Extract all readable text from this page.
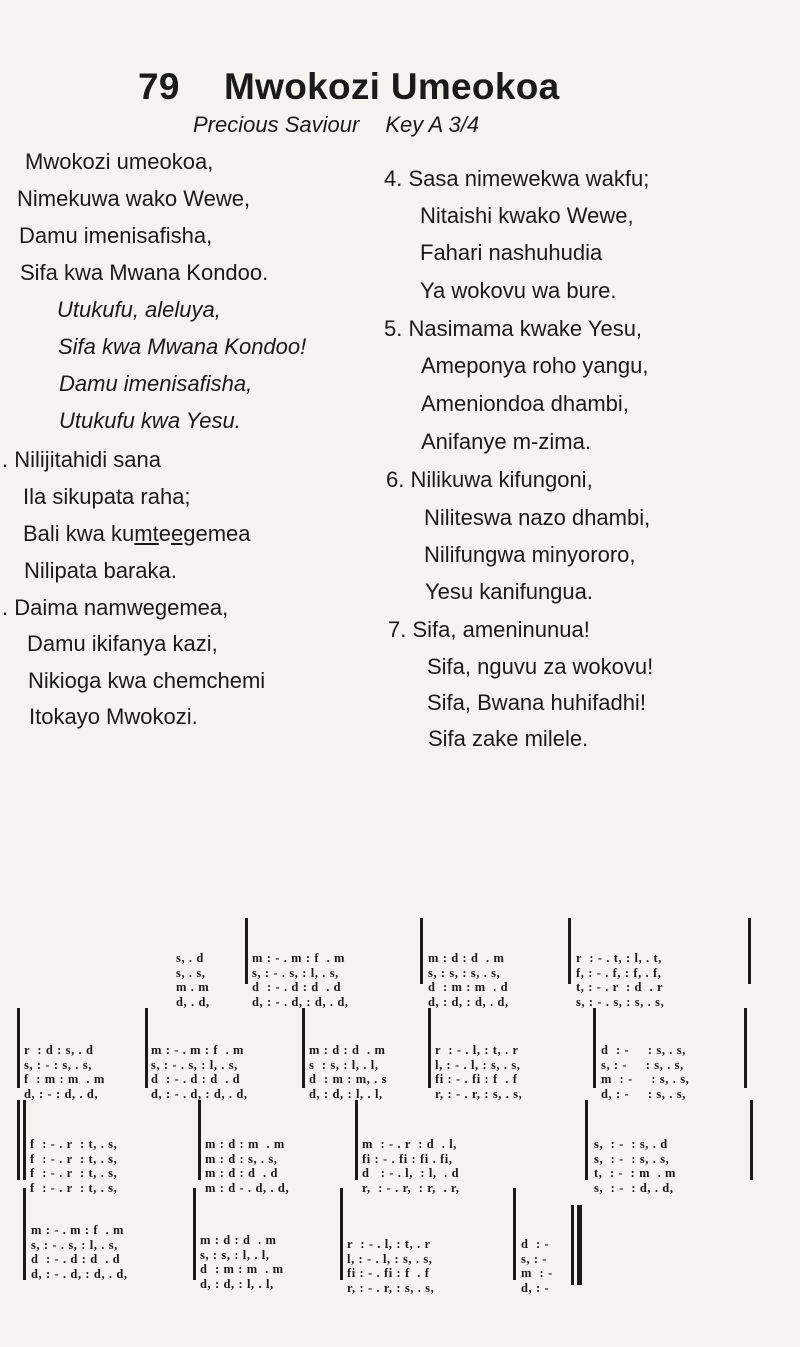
79 Mwokozi Umeokoa
Precious Saviour Key A 3/4
Mwokozi umeokoa,
Nimekuwa wako Wewe,
Damu imenisafisha,
Sifa kwa Mwana Kondoo.
Utukufu, aleluya,
Sifa kwa Mwana Kondoo!
Damu imenisafisha,
Utukufu kwa Yesu.
. Nilijitahidi sana
Ila sikupata raha;
Bali kwa kumteegemea
Nilipata baraka.
. Daima namwegemea,
Damu ikifanya kazi,
Nikioga kwa chemchemi
Itokayo Mwokozi.
4. Sasa nimewekwa wakfu;
Nitaishi kwako Wewe,
Fahari nashuhudia
Ya wokovu wa bure.
5. Nasimama kwake Yesu,
Ameponya roho yangu,
Ameniondoa dhambi,
Anifanye m-zima.
6. Nilikuwa kifungoni,
Niliteswa nazo dhambi,
Nilifungwa minyororo,
Yesu kanifungua.
7. Sifa, ameninunua!
Sifa, nguvu za wokovu!
Sifa, Bwana huhifadhi!
Sifa zake milele.

s, . d
s, . s,
m . m
d, . d,

m : - . m : f  . m
s, : - . s, : l, . s,
d  : - . d : d  . d
d, : - . d, : d, . d,

m : d : d  . m
s, : s, : s, . s,
d  : m : m  . d
d, : d, : d, . d,

r  : - . t, : l, . t,
f, : - . f, : f, . f,
t, : - . r  : d  . r
s, : - . s, : s, . s,

r  : d : s, . d
s, : - : s, . s,
f  : m : m  . m
d, : - : d, . d,

m : - . m : f  . m
s, : - . s, : l, . s,
d  : - . d : d  . d
d, : - . d, : d, . d,

m : d : d  . m
s  : s, : l, . l,
d  : m : m, . s
d, : d, : l, . l,

r  : - . l, : t, . r
l, : - . l, : s, . s,
fi : - . fi : f  . f
r, : - . r, : s, . s,

d  : -     : s, . s,
s, : -     : s, . s,
m  : -     : s, . s,
d, : -     : s, . s,

f  : - . r  : t, . s,
f  : - . r  : t, . s,
f  : - . r  : t, . s,
f  : - . r  : t, . s,

m : d : m  . m
m : d : s, . s,
m : d : d  . d
m : d - . d, . d,

m  : - . r  : d  . l,
fi : - . fi : fi . fi,
d   : - . l,  : l,  . d
r,  : - . r,  : r,  . r,

s,  : -  : s, . d
s,  : -  : s, . s,
t,  : -  : m  . m
s,  : -  : d, . d,

m : - . m : f  . m
s, : - . s, : l, . s,
d  : - . d : d  . d
d, : - . d, : d, . d,

m : d : d  . m
s, : s, : l, . l,
d  : m : m  . m
d, : d, : l, . l,

r  : - . l, : t, . r
l, : - . l, : s, . s,
fi : - . fi : f  . f
r, : - . r, : s, . s,

d  : -
s, : -
m  : -
d, : -
